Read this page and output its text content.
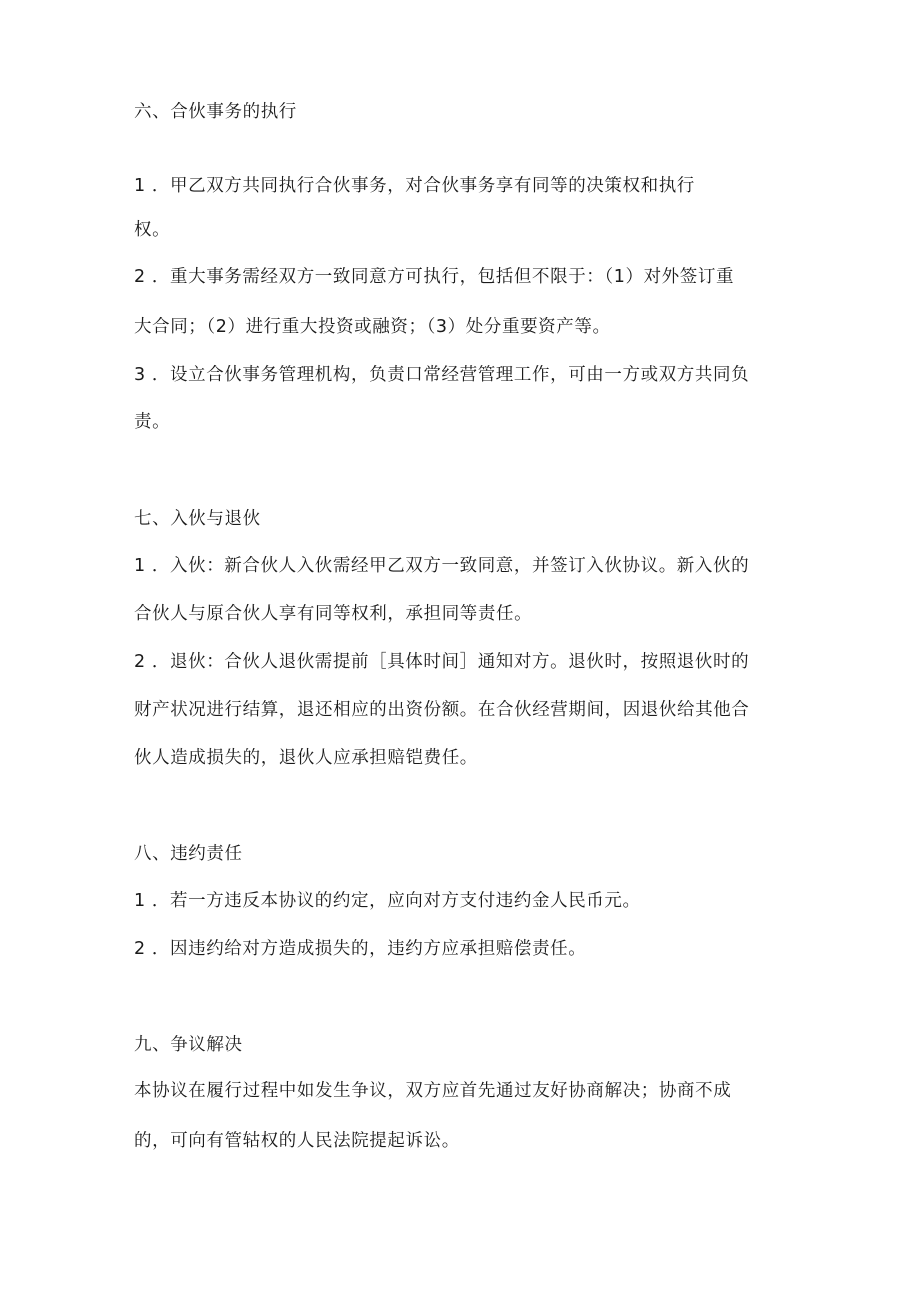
六、合伙事务的执行
1 ．甲乙双方共同执行合伙事务，对合伙事务享有同等的决策权和执行
权。
2 ．重大事务需经双方一致同意方可执行，包括但不限于：（1）对外签订重
大合同；（2）进行重大投资或融资；（3）处分重要资产等。
3 ．设立合伙事务管理机构，负责口常经营管理工作，可由一方或双方共同负
责。
七、入伙与退伙
1 ．入伙：新合伙人入伙需经甲乙双方一致同意，并签订入伙协议。新入伙的
合伙人与原合伙人享有同等权利，承担同等责任。
2 ．退伙：合伙人退伙需提前［具体时间］通知对方。退伙时，按照退伙时的
财产状况进行结算，退还相应的出资份额。在合伙经营期间，因退伙给其他合
伙人造成损失的，退伙人应承担赔铠费任。
八、违约责任
1 ．若一方违反本协议的约定，应向对方支付违约金人民币元。
2 ．因违约给对方造成损失的，违约方应承担赔偿责任。
九、争议解决
本协议在履行过程中如发生争议，双方应首先通过友好协商解决；协商不成
的，可向有管轱权的人民法院提起诉讼。
